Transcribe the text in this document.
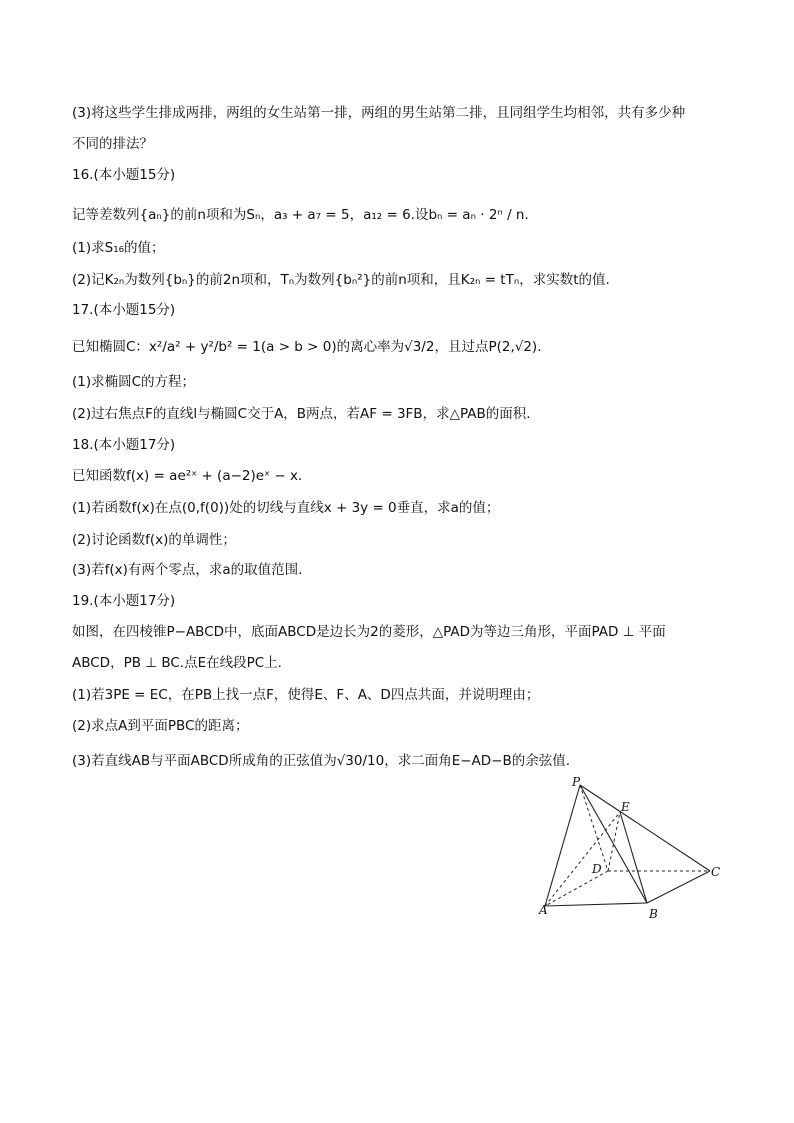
(3)将这些学生排成两排，两组的女生站第一排，两组的男生站第二排，且同组学生均相邻，共有多少种
不同的排法？
16.(本小题15分)
记等差数列{aₙ}的前n项和为Sₙ，a₃ + a₇ = 5，a₁₂ = 6.设bₙ = aₙ · 2ⁿ / n.
(1)求S₁₆的值；
(2)记K₂ₙ为数列{bₙ}的前2n项和，Tₙ为数列{bₙ²}的前n项和，且K₂ₙ = tTₙ，求实数t的值.
17.(本小题15分)
已知椭圆C：x²/a² + y²/b² = 1(a > b > 0)的离心率为√3/2，且过点P(2,√2).
(1)求椭圆C的方程；
(2)过右焦点F的直线l与椭圆C交于A，B两点，若AF = 3FB，求△PAB的面积.
18.(本小题17分)
已知函数f(x) = ae²ˣ + (a−2)eˣ − x.
(1)若函数f(x)在点(0,f(0))处的切线与直线x + 3y = 0垂直，求a的值；
(2)讨论函数f(x)的单调性；
(3)若f(x)有两个零点，求a的取值范围.
19.(本小题17分)
如图，在四棱锥P−ABCD中，底面ABCD是边长为2的菱形，△PAD为等边三角形，平面PAD ⊥ 平面
ABCD，PB ⊥ BC.点E在线段PC上.
(1)若3PE = EC，在PB上找一点F，使得E、F、A、D四点共面，并说明理由；
(2)求点A到平面PBC的距离；
(3)若直线AB与平面ABCD所成角的正弦值为√30/10，求二面角E−AD−B的余弦值.
P
E
D	C
A	B
